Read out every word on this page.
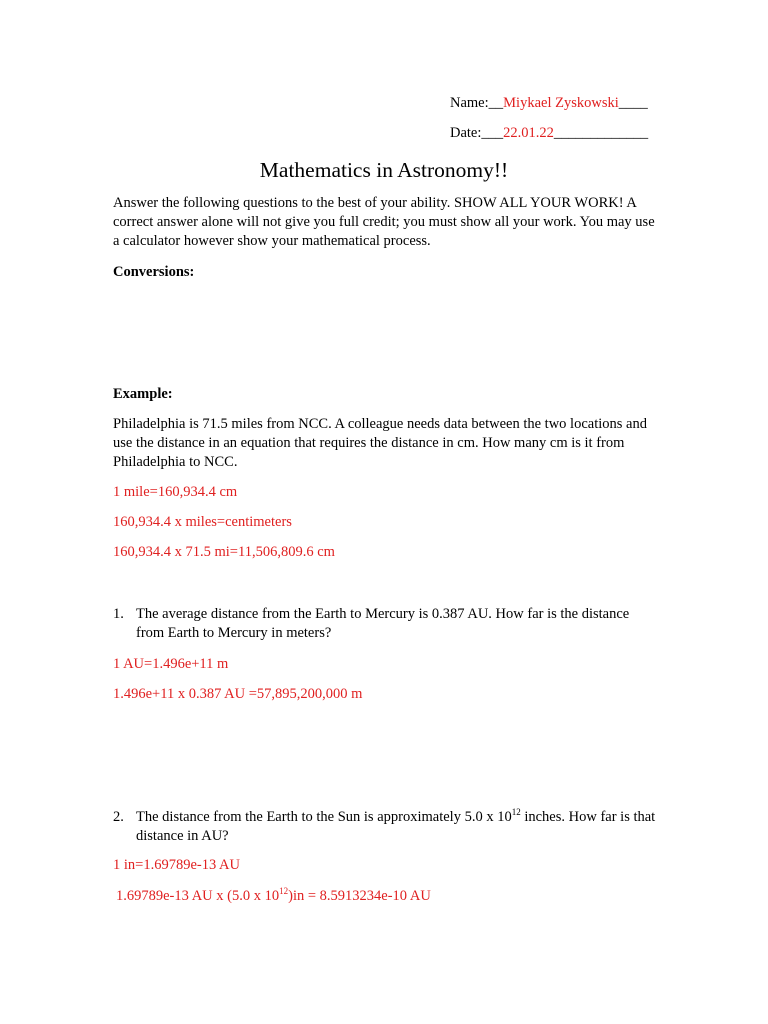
Name:__Miykael Zyskowski____
Date:___22.01.22_____________
Mathematics in Astronomy!!
Answer the following questions to the best of your ability. SHOW ALL YOUR WORK! A correct answer alone will not give you full credit; you must show all your work. You may use a calculator however show your mathematical process.
Conversions:
Example:
Philadelphia is 71.5 miles from NCC. A colleague needs data between the two locations and use the distance in an equation that requires the distance in cm. How many cm is it from Philadelphia to NCC.
1 mile=160,934.4 cm
160,934.4 x miles=centimeters
160,934.4 x 71.5 mi=11,506,809.6 cm
1. The average distance from the Earth to Mercury is 0.387 AU. How far is the distance from Earth to Mercury in meters?
1 AU=1.496e+11 m
1.496e+11 x 0.387 AU =57,895,200,000 m
2. The distance from the Earth to the Sun is approximately 5.0 x $10^{12}$ inches. How far is that distance in AU?
1 in=1.69789e-13 AU
1.69789e-13 AU x (5.0 x $10^{12})in = 8.5913234e-10$ AU
